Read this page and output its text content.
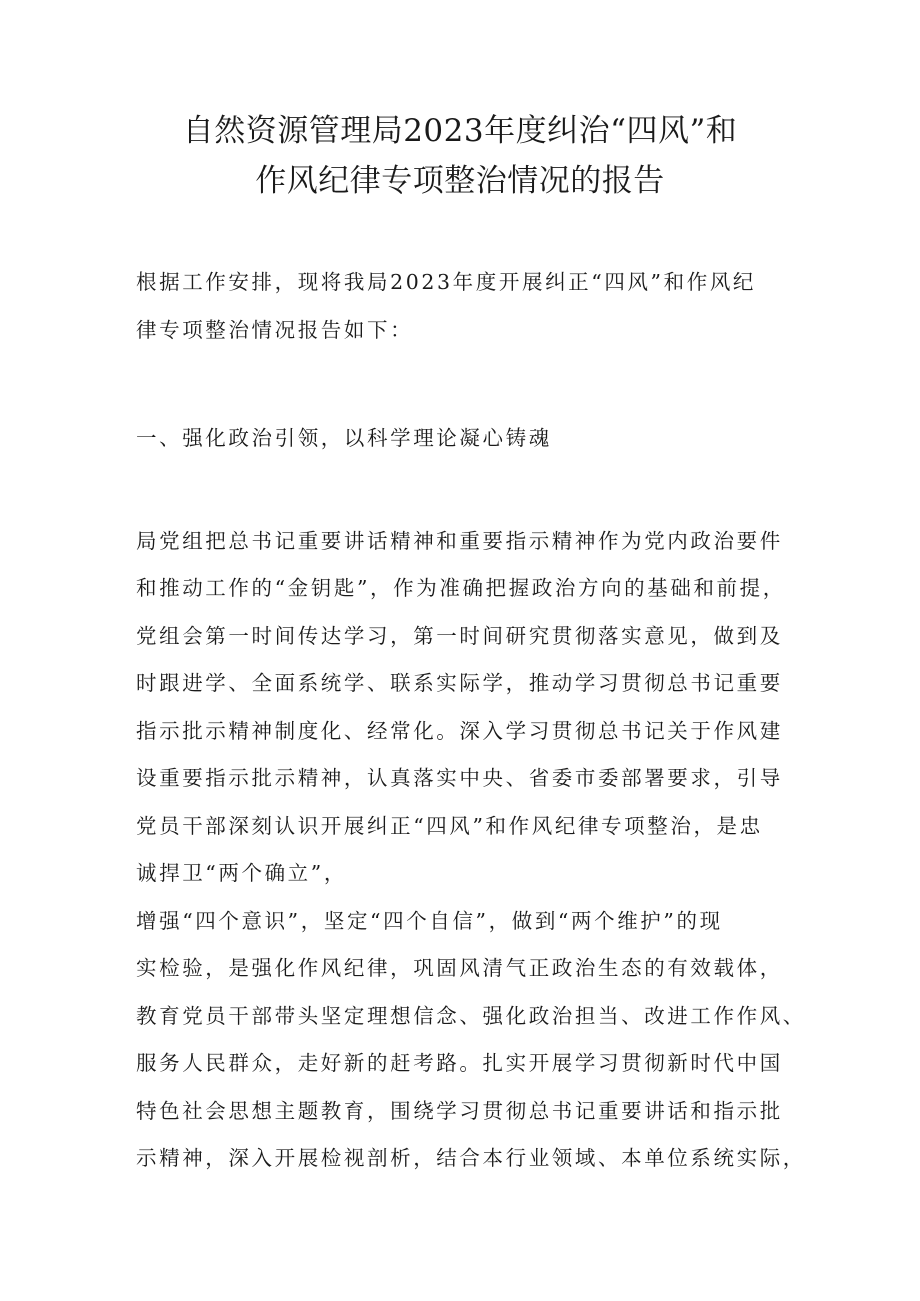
自然资源管理局2023年度纠治“四风”和
作风纪律专项整治情况的报告
根据工作安排，现将我局2023年度开展纠正“四风”和作风纪
律专项整治情况报告如下：
一、强化政治引领，以科学理论凝心铸魂
局党组把总书记重要讲话精神和重要指示精神作为党内政治要件
和推动工作的“金钥匙”，作为准确把握政治方向的基础和前提，
党组会第一时间传达学习，第一时间研究贯彻落实意见，做到及
时跟进学、全面系统学、联系实际学，推动学习贯彻总书记重要
指示批示精神制度化、经常化。深入学习贯彻总书记关于作风建
设重要指示批示精神，认真落实中央、省委市委部署要求，引导
党员干部深刻认识开展纠正“四风”和作风纪律专项整治，是忠
诚捍卫“两个确立”，
增强“四个意识”，坚定“四个自信”，做到“两个维护”的现
实检验，是强化作风纪律，巩固风清气正政治生态的有效载体，
教育党员干部带头坚定理想信念、强化政治担当、改进工作作风、
服务人民群众，走好新的赶考路。扎实开展学习贯彻新时代中国
特色社会思想主题教育，围绕学习贯彻总书记重要讲话和指示批
示精神，深入开展检视剖析，结合本行业领域、本单位系统实际，
